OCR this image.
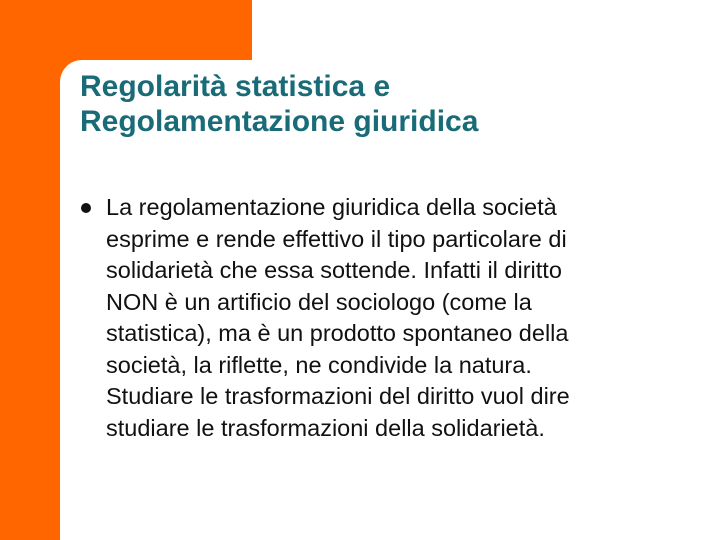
Regolarità statistica e
Regolamentazione giuridica
La regolamentazione giuridica della società
esprime e rende effettivo il tipo particolare di
solidarietà che essa sottende. Infatti il diritto
NON è un artificio del sociologo (come la
statistica), ma è un prodotto spontaneo della
società, la riflette, ne condivide la natura.
Studiare le trasformazioni del diritto vuol dire
studiare le trasformazioni della solidarietà.
